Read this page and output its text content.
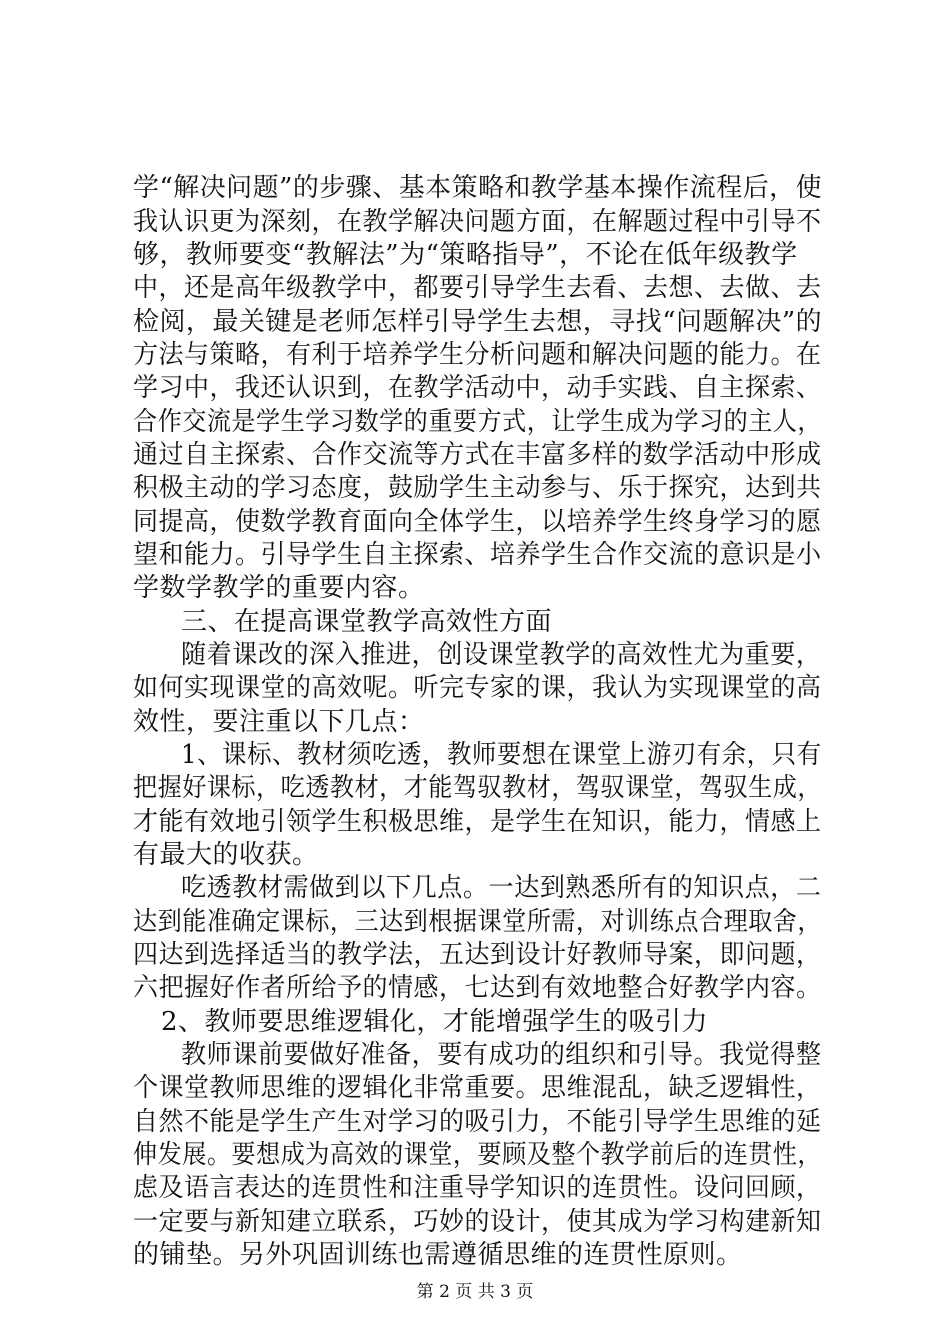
学“解决问题”的步骤、基本策略和教学基本操作流程后，使
我认识更为深刻，在教学解决问题方面，在解题过程中引导不
够，教师要变“教解法”为“策略指导”，不论在低年级教学
中，还是高年级教学中，都要引导学生去看、去想、去做、去
检阅，最关键是老师怎样引导学生去想，寻找“问题解决”的
方法与策略，有利于培养学生分析问题和解决问题的能力。在
学习中，我还认识到，在教学活动中，动手实践、自主探索、
合作交流是学生学习数学的重要方式，让学生成为学习的主人，
通过自主探索、合作交流等方式在丰富多样的数学活动中形成
积极主动的学习态度，鼓励学生主动参与、乐于探究，达到共
同提高，使数学教育面向全体学生，以培养学生终身学习的愿
望和能力。引导学生自主探索、培养学生合作交流的意识是小
学数学教学的重要内容。
三、在提高课堂教学高效性方面
随着课改的深入推进，创设课堂教学的高效性尤为重要，
如何实现课堂的高效呢。听完专家的课，我认为实现课堂的高
效性，要注重以下几点：
1、课标、教材须吃透，教师要想在课堂上游刃有余，只有
把握好课标，吃透教材，才能驾驭教材，驾驭课堂，驾驭生成，
才能有效地引领学生积极思维，是学生在知识，能力，情感上
有最大的收获。
吃透教材需做到以下几点。一达到熟悉所有的知识点，二
达到能准确定课标，三达到根据课堂所需，对训练点合理取舍，
四达到选择适当的教学法，五达到设计好教师导案，即问题，
六把握好作者所给予的情感，七达到有效地整合好教学内容。
2、教师要思维逻辑化，才能增强学生的吸引力
教师课前要做好准备，要有成功的组织和引导。我觉得整
个课堂教师思维的逻辑化非常重要。思维混乱，缺乏逻辑性，
自然不能是学生产生对学习的吸引力，不能引导学生思维的延
伸发展。要想成为高效的课堂，要顾及整个教学前后的连贯性，
虑及语言表达的连贯性和注重导学知识的连贯性。设问回顾，
一定要与新知建立联系，巧妙的设计，使其成为学习构建新知
的铺垫。另外巩固训练也需遵循思维的连贯性原则。
第 2 页 共 3 页
